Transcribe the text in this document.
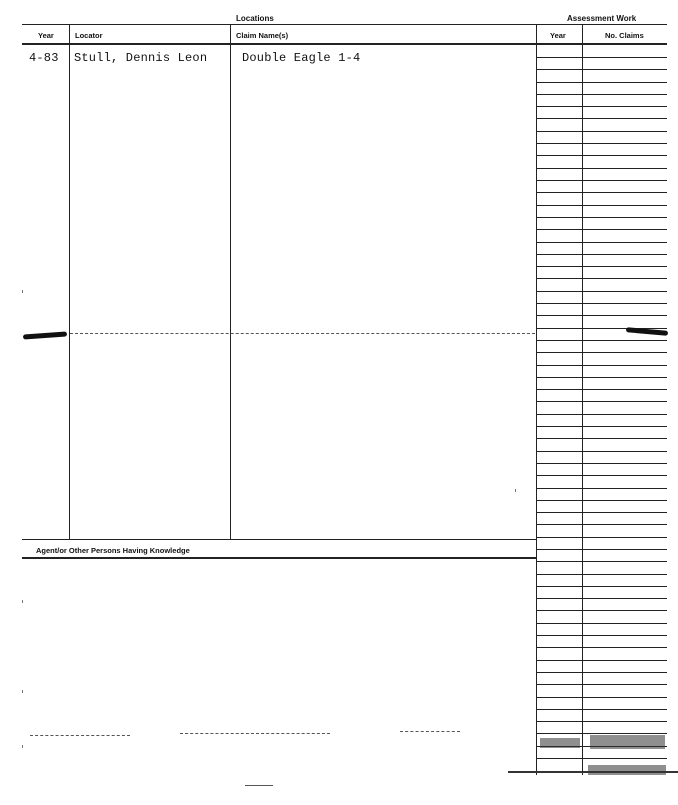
Locations	Assessment Work
Year	Locator	Claim Name(s)	Year	No. Claims
4-83 Stull, Dennis Leon	Double Eagle 1-4
Agent/or Other Persons Having Knowledge
